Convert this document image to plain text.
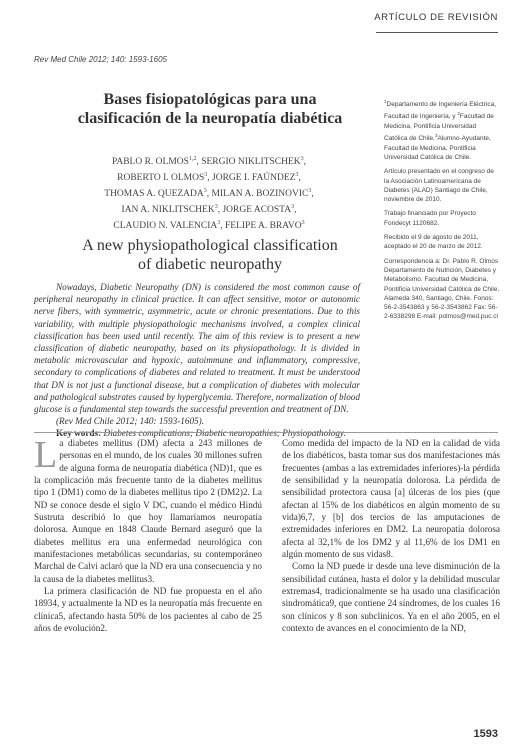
ARTÍCULO DE REVISIÓN
Rev Med Chile 2012; 140: 1593-1605
Bases fisiopatológicas para una
clasificación de la neuropatía diabética
PABLO R. OLMOS$^{1,2}$, SERGIO NIKLITSCHEK$^3$,
ROBERTO I. OLMOS$^3$, JORGE I. FAÚNDEZ$^3$,
THOMAS A. QUEZADA$^3$, MILAN A. BOZINOVIC$^3$,
IAN A. NIKLITSCHEK$^3$, JORGE ACOSTA$^3$,
CLAUDIO N. VALENCIA$^3$, FELIPE A. BRAVO$^3$
A new physiopathological classification
of diabetic neuropathy

Nowadays, Diabetic Neuropathy (DN) is considered the most common cause of peripheral neuropathy in clinical practice. It can affect sensitive, motor or autonomic nerve fibers, with symmetric, asymmetric, acute or chronic presentations. Due to this variability, with multiple physiopathologic mechanisms involved, a complex clinical classification has been used until recently. The aim of this review is to present a new classification of diabetic neuropathy, based on its physiopathology. It is divided in metabolic microvascular and hypoxic, autoimmune and inflammatory, compressive, secondary to complications of diabetes and related to treatment. It must be understood that DN is not just a functional disease, but a complication of diabetes with molecular and pathological substrates caused by hyperglycemia. Therefore, normalization of blood glucose is a fundamental step towards the successful prevention and treatment of DN.

(Rev Med Chile 2012; 140: 1593-1605).

Key words: Diabetes complications; Diabetic neuropathies; Physiopathology.

$^1$Departamento de Ingeniería Eléctrica, Facultad de Ingeniería, y $^2$Facultad de Medicina, Pontificia Universidad Católica de Chile.$^3$Alumno-Ayudante, Facultad de Medicina, Pontificia Universidad Católica de Chile.

Artículo presentado en el congreso de la Asociación Latinoamericana de Diabetes (ALAD) Santiago de Chile, noviembre de 2010.

Trabajo financiado por Proyecto Fondecyt 1120682.

Recibido el 9 de agosto de 2011, aceptado el 20 de marzo de 2012.

Correspondencia a: Dr. Pablo R. Olmos Departamento de Nutrición, Diabetes y Metabolismo. Facultad de Medicina, Pontificia Universidad Católica de Chile. Alameda 340, Santiago, Chile. Fonos: 56-2-3543863 y 56-2-3543862 Fax: 56-2-6338298 E-mail: polmos@med.puc.cl

La diabetes mellitus (DM) afecta a 243 millones de personas en el mundo, de los cuales 30 millones sufren de alguna forma de neuropatía diabética (ND)1, que es la complicación más frecuente tanto de la diabetes mellitus tipo 1 (DM1) como de la diabetes mellitus tipo 2 (DM2)2. La ND se conoce desde el siglo V DC, cuando el médico Hindú Sustruta describió lo que hoy llamaríamos neuropatía dolorosa. Aunque en 1848 Claude Bernard aseguró que la diabetes mellitus era una enfermedad neurológica con manifestaciones metabólicas secundarias, su contemporáneo Marchal de Calvi aclaró que la ND era una consecuencia y no la causa de la diabetes mellitus3.

La primera clasificación de ND fue propuesta en el año 18934, y actualmente la ND es la neuropatía más frecuente en clínica5, afectando hasta 50% de los pacientes al cabo de 25 años de evolución2.

Como medida del impacto de la ND en la calidad de vida de los diabéticos, basta tomar sus dos manifestaciones más frecuentes (ambas a las extremidades inferiores)-la pérdida de sensibilidad y la neuropatía dolorosa. La pérdida de sensibilidad protectora causa [a] úlceras de los pies (que afectan al 15% de los diabéticos en algún momento de su vida)6,7, y [b] dos tercios de las amputaciones de extremidades inferiores en DM2. La neuropatía dolorosa afecta al 32,1% de los DM2 y al 11,6% de los DM1 en algún momento de sus vidas8.

Como la ND puede ir desde una leve disminución de la sensibilidad cutánea, hasta el dolor y la debilidad muscular extremas4, tradicionalmente se ha usado una clasificación sindromática9, que contiene 24 síndromes, de los cuales 16 son clínicos y 8 son subclínicos. Ya en el año 2005, en el contexto de avances en el conocimiento de la ND,

1593
